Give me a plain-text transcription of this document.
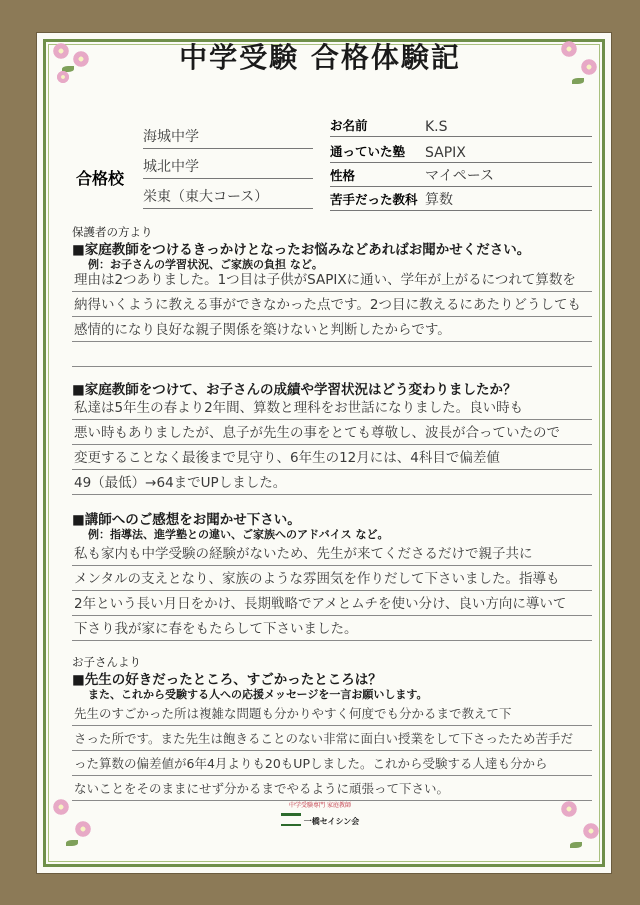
中学受験 合格体験記
合格校
海城中学
城北中学
栄東（東大コース）
お名前	K.S
通っていた塾 SAPIX
性格	マイペース
苦手だった教科 算数
保護者の方より
■家庭教師をつけるきっかけとなったお悩みなどあればお聞かせください。
例：お子さんの学習状況、ご家族の負担 など。
理由は2つありました。1つ目は子供がSAPIXに通い、学年が上がるにつれて算数を
納得いくように教える事ができなかった点です。2つ目に教えるにあたりどうしても
感情的になり良好な親子関係を築けないと判断したからです。
■家庭教師をつけて、お子さんの成績や学習状況はどう変わりましたか？
私達は5年生の春より2年間、算数と理科をお世話になりました。良い時も
悪い時もありましたが、息子が先生の事をとても尊敬し、波長が合っていたので
変更することなく最後まで見守り、6年生の12月には、4科目で偏差値
49（最低）→64までUPしました。
■講師へのご感想をお聞かせ下さい。
例：指導法、進学塾との違い、ご家族へのアドバイス など。
私も家内も中学受験の経験がないため、先生が来てくださるだけで親子共に
メンタルの支えとなり、家族のような雰囲気を作りだして下さいました。指導も
2年という長い月日をかけ、長期戦略でアメとムチを使い分け、良い方向に導いて
下さり我が家に春をもたらして下さいました。
お子さんより
■先生の好きだったところ、すごかったところは？
また、これから受験する人への応援メッセージを一言お願いします。
先生のすごかった所は複雑な問題も分かりやすく何度でも分かるまで教えて下
さった所です。また先生は飽きることのない非常に面白い授業をして下さったため苦手だ
った算数の偏差値が6年4月よりも20もUPしました。これから受験する人達も分から
ないことをそのままにせず分かるまでやるように頑張って下さい。
中学受験専門 家庭教師
一橋セイシン会
